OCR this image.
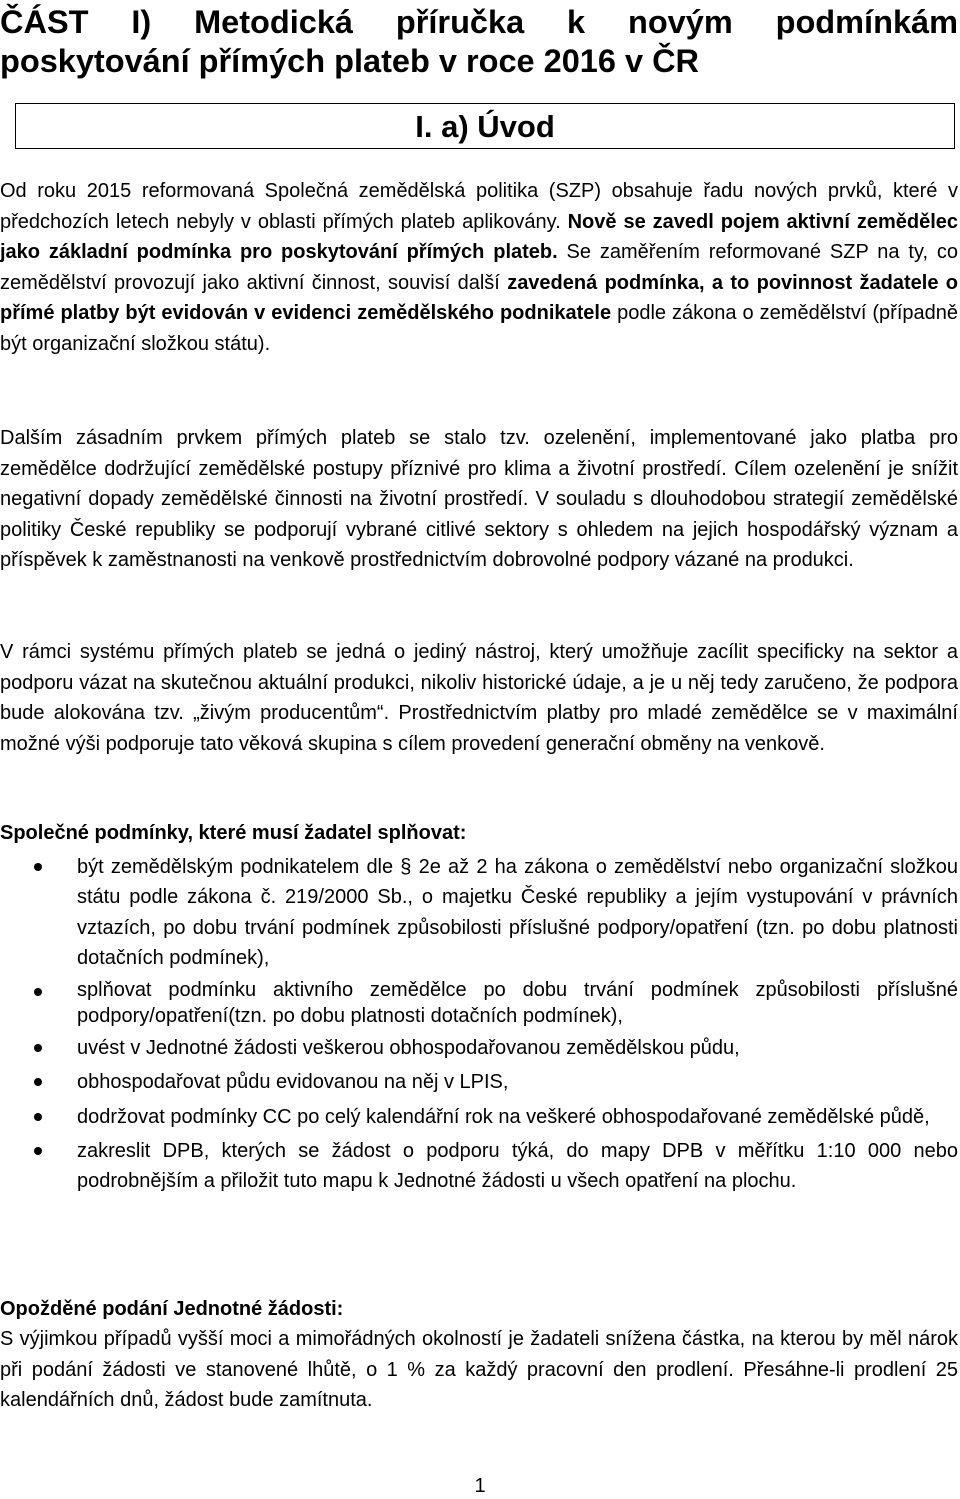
ČÁST I) Metodická příručka k novým podmínkám
poskytování přímých plateb v roce 2016 v ČR
I. a) Úvod

Od roku 2015 reformovaná Společná zemědělská politika (SZP) obsahuje řadu nových prvků, které v předchozích letech nebyly v oblasti přímých plateb aplikovány. Nově se zavedl pojem aktivní zemědělec jako základní podmínka pro poskytování přímých plateb. Se zaměřením reformované SZP na ty, co zemědělství provozují jako aktivní činnost, souvisí další zavedená podmínka, a to povinnost žadatele o přímé platby být evidován v evidenci zemědělského podnikatele podle zákona o zemědělství (případně být organizační složkou státu).

Dalším zásadním prvkem přímých plateb se stalo tzv. ozelenění, implementované jako platba pro zemědělce dodržující zemědělské postupy příznivé pro klima a životní prostředí. Cílem ozelenění je snížit negativní dopady zemědělské činnosti na životní prostředí. V souladu s dlouhodobou strategií zemědělské politiky České republiky se podporují vybrané citlivé sektory s ohledem na jejich hospodářský význam a příspěvek k zaměstnanosti na venkově prostřednictvím dobrovolné podpory vázané na produkci.

V rámci systému přímých plateb se jedná o jediný nástroj, který umožňuje zacílit specificky na sektor a podporu vázat na skutečnou aktuální produkci, nikoliv historické údaje, a je u něj tedy zaručeno, že podpora bude alokována tzv. „živým producentům“. Prostřednictvím platby pro mladé zemědělce se v maximální možné výši podporuje tato věková skupina s cílem provedení generační obměny na venkově.

Společné podmínky, které musí žadatel splňovat:

být zemědělským podnikatelem dle § 2e až 2 ha zákona o zemědělství nebo organizační složkou státu podle zákona č. 219/2000 Sb., o majetku České republiky a jejím vystupování v právních vztazích, po dobu trvání podmínek způsobilosti příslušné podpory/opatření (tzn. po dobu platnosti dotačních podmínek),
splňovat podmínku aktivního zemědělce po dobu trvání podmínek způsobilosti příslušné podpory/opatření(tzn. po dobu platnosti dotačních podmínek),
uvést v Jednotné žádosti veškerou obhospodařovanou zemědělskou půdu,
obhospodařovat půdu evidovanou na něj v LPIS,
dodržovat podmínky CC po celý kalendářní rok na veškeré obhospodařované zemědělské půdě,
zakreslit DPB, kterých se žádost o podporu týká, do mapy DPB v měřítku 1:10 000 nebo podrobnějším a přiložit tuto mapu k Jednotné žádosti u všech opatření na plochu.

Opožděné podání Jednotné žádosti:

S výjimkou případů vyšší moci a mimořádných okolností je žadateli snížena částka, na kterou by měl nárok při podání žádosti ve stanovené lhůtě, o 1 % za každý pracovní den prodlení. Přesáhne-li prodlení 25 kalendářních dnů, žádost bude zamítnuta.

1
